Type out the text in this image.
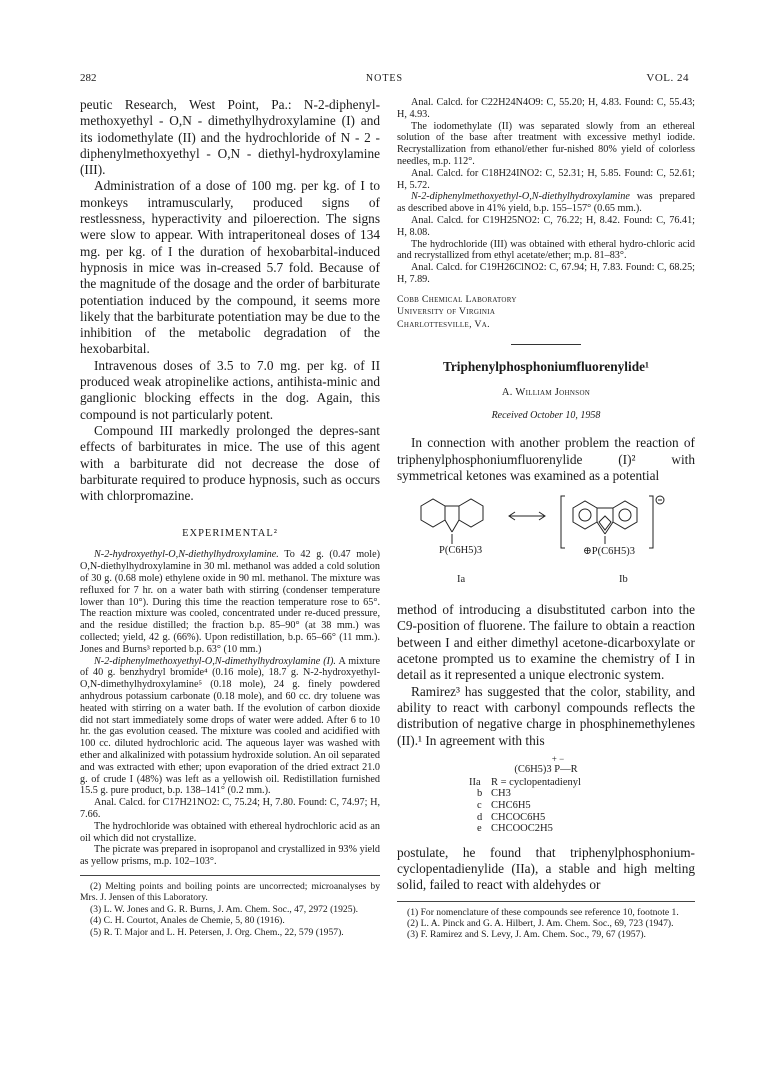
282	NOTES	VOL. 24

peutic Research, West Point, Pa.: N-2-diphenyl-methoxyethyl - O,N - dimethylhydroxylamine (I) and its iodomethylate (II) and the hydrochloride of N - 2 - diphenylmethoxyethyl - O,N - diethyl-hydroxylamine (III).

Administration of a dose of 100 mg. per kg. of I to monkeys intramuscularly, produced signs of restlessness, hyperactivity and piloerection. The signs were slow to appear. With intraperitoneal doses of 134 mg. per kg. of I the duration of hexobarbital-induced hypnosis in mice was in-creased 5.7 fold. Because of the magnitude of the dosage and the order of barbiturate potentiation induced by the compound, it seems more likely that the barbiturate potentiation may be due to the inhibition of the metabolic degradation of the hexobarbital.

Intravenous doses of 3.5 to 7.0 mg. per kg. of II produced weak atropinelike actions, antihista-minic and ganglionic blocking effects in the dog. Again, this compound is not particularly potent.

Compound III markedly prolonged the depres-sant effects of barbiturates in mice. The use of this agent with a barbiturate did not decrease the dose of barbiturate required to produce hypnosis, such as occurs with chlorpromazine.

EXPERIMENTAL²

N-2-hydroxyethyl-O,N-diethylhydroxylamine. To 42 g. (0.47 mole) O,N-diethylhydroxylamine in 30 ml. methanol was added a cold solution of 30 g. (0.68 mole) ethylene oxide in 90 ml. methanol. The mixture was refluxed for 7 hr. on a water bath with stirring (condenser temperature lower than 10°). During this time the reaction temperature rose to 65°. The reaction mixture was cooled, concentrated under re-duced pressure, and the residue distilled; the fraction b.p. 85–90° (at 38 mm.) was collected; yield, 42 g. (66%). Upon redistillation, b.p. 65–66° (11 mm.). Jones and Burns³ reported b.p. 63° (10 mm.)

N-2-diphenylmethoxyethyl-O,N-dimethylhydroxylamine (I). A mixture of 40 g. benzhydryl bromide⁴ (0.16 mole), 18.7 g. N-2-hydroxyethyl-O,N-dimethylhydroxylamine⁵ (0.18 mole), 24 g. finely powdered anhydrous potassium carbonate (0.18 mole), and 60 cc. dry toluene was heated with stirring on a water bath. If the evolution of carbon dioxide did not start immediately some drops of water were added. After 6 to 10 hr. the gas evolution ceased. The mixture was cooled and acidified with 100 cc. diluted hydrochloric acid. The aqueous layer was washed with ether and alkalinized with potassium hydroxide solution. An oil separated and was extracted with ether; upon evaporation of the dried extract 21.0 g. of crude I (48%) was left as a yellowish oil. Redistillation furnished 15.5 g. pure product, b.p. 138–141° (0.2 mm.).

Anal. Calcd. for C17H21NO2: C, 75.24; H, 7.80. Found: C, 74.97; H, 7.66.

The hydrochloride was obtained with ethereal hydrochloric acid as an oil which did not crystallize.

The picrate was prepared in isopropanol and crystallized in 93% yield as yellow prisms, m.p. 102–103°.

(2) Melting points and boiling points are uncorrected; microanalyses by Mrs. J. Jensen of this Laboratory.

(3) L. W. Jones and G. R. Burns, J. Am. Chem. Soc., 47, 2972 (1925).

(4) C. H. Courtot, Anales de Chemie, 5, 80 (1916).

(5) R. T. Major and L. H. Petersen, J. Org. Chem., 22, 579 (1957).

Anal. Calcd. for C22H24N4O9: C, 55.20; H, 4.83. Found: C, 55.43; H, 4.93.

The iodomethylate (II) was separated slowly from an ethereal solution of the base after treatment with excessive methyl iodide. Recrystallization from ethanol/ether fur-nished 80% yield of colorless needles, m.p. 112°.

Anal. Calcd. for C18H24INO2: C, 52.31; H, 5.85. Found: C, 52.61; H, 5.72.

N-2-diphenylmethoxyethyl-O,N-diethylhydroxylamine was prepared as described above in 41% yield, b.p. 155–157° (0.65 mm.).

Anal. Calcd. for C19H25NO2: C, 76.22; H, 8.42. Found: C, 76.41; H, 8.08.

The hydrochloride (III) was obtained with etheral hydro-chloric acid and recrystallized from ethyl acetate/ether; m.p. 81–83°.

Anal. Calcd. for C19H26ClNO2: C, 67.94; H, 7.83. Found: C, 68.25; H, 7.89.

Cobb Chemical Laboratory
University of Virginia
Charlottesville, Va.
Triphenylphosphoniumfluorenylide¹
A. William Johnson
Received October 10, 1958

In connection with another problem the reaction of triphenylphosphoniumfluorenylide (I)² with symmetrical ketones was examined as a potential

P(C6H5)3	⊕P(C6H5)3
Ia	Ib

method of introducing a disubstituted carbon into the C9-position of fluorene. The failure to obtain a reaction between I and either dimethyl acetone-dicarboxylate or acetone prompted us to examine the chemistry of I in detail as it represented a unique electronic system.

Ramirez³ has suggested that the color, stability, and ability to react with carbonyl compounds reflects the distribution of negative charge in phosphinemethylenes (II).¹ In agreement with this

+ −
(C6H5)3 P—R
IIa R = cyclopentadienyl
b CH3
c CHC6H5
d CHCOC6H5
e CHCOOC2H5

postulate, he found that triphenylphosphonium-cyclopentadienylide (IIa), a stable and high melting solid, failed to react with aldehydes or

(1) For nomenclature of these compounds see reference 10, footnote 1.

(2) L. A. Pinck and G. A. Hilbert, J. Am. Chem. Soc., 69, 723 (1947).

(3) F. Ramirez and S. Levy, J. Am. Chem. Soc., 79, 67 (1957).
